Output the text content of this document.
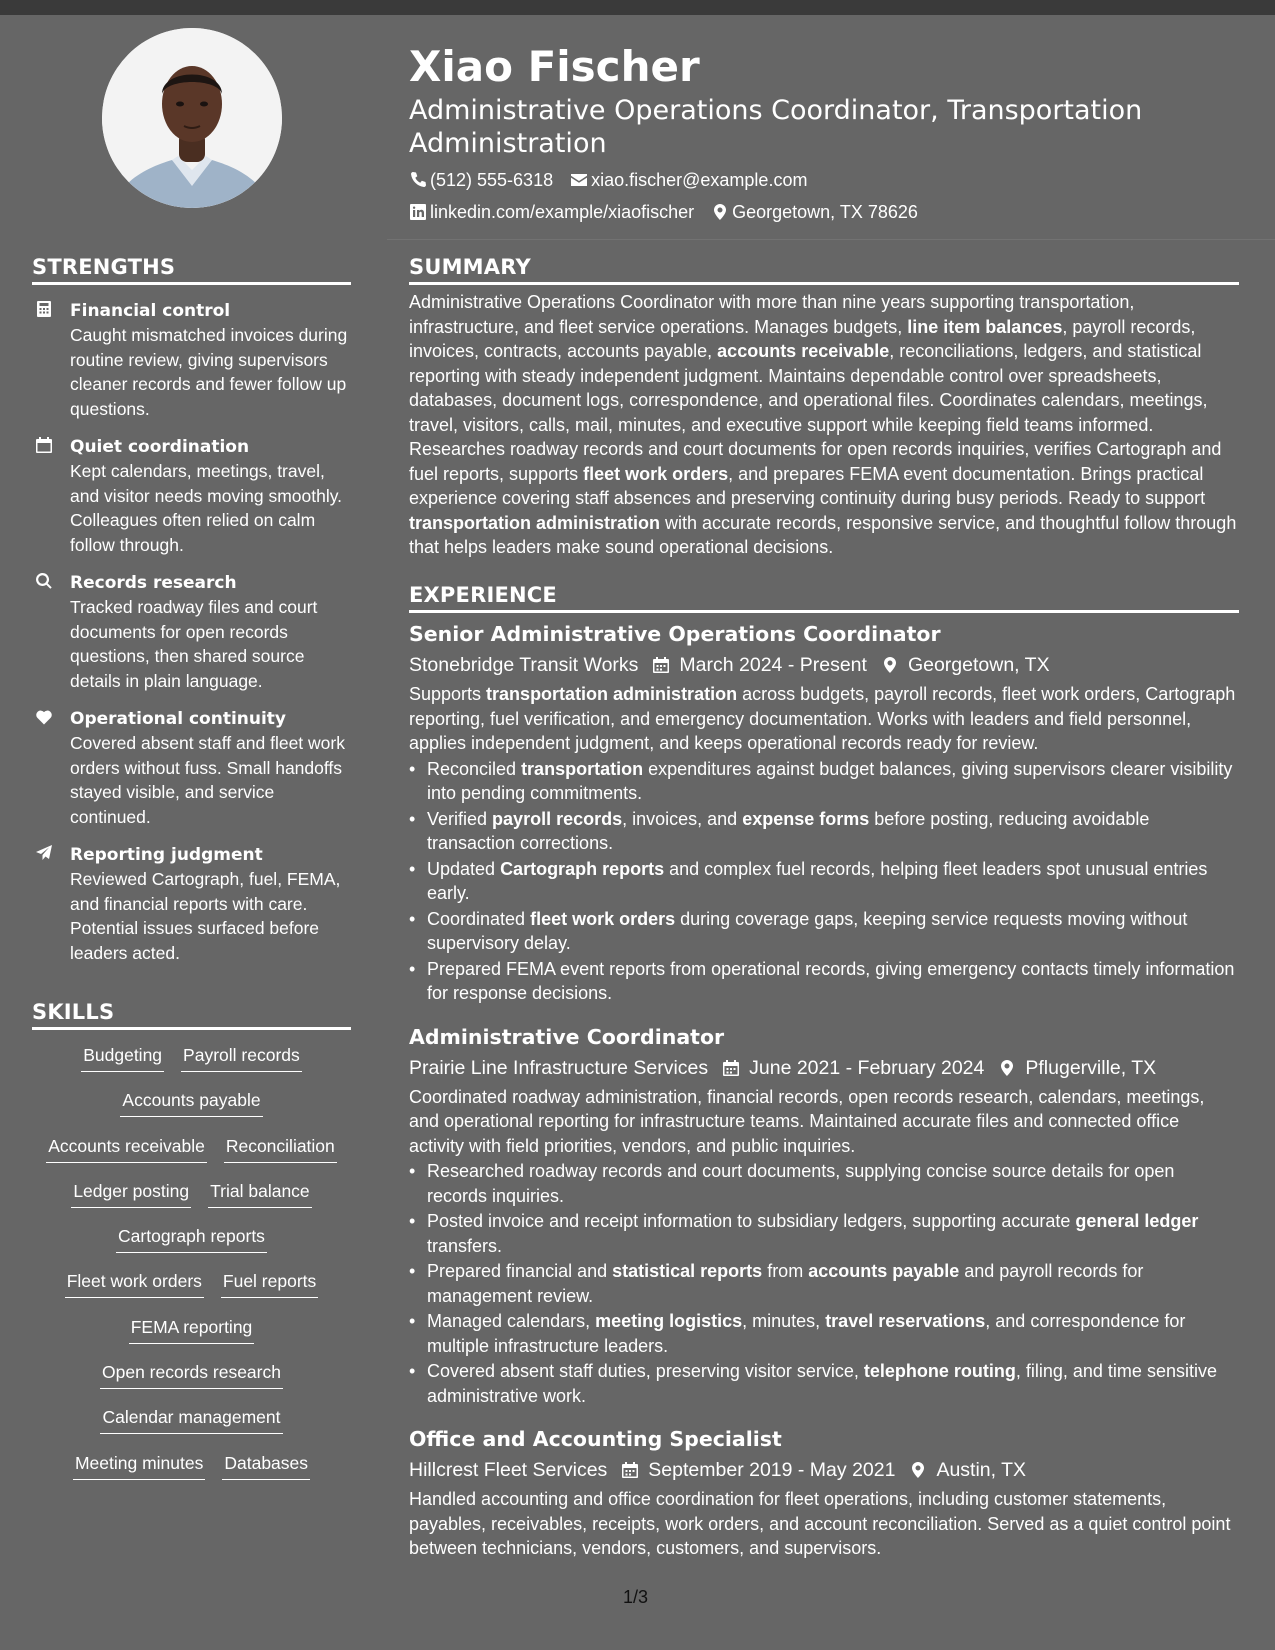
STRENGTHS
Financial control
Caught mismatched invoices during routine review, giving supervisors cleaner records and fewer follow up questions.
Quiet coordination
Kept calendars, meetings, travel, and visitor needs moving smoothly. Colleagues often relied on calm follow through.
Records research
Tracked roadway files and court documents for open records questions, then shared source details in plain language.
Operational continuity
Covered absent staff and fleet work orders without fuss. Small handoffs stayed visible, and service continued.
Reporting judgment
Reviewed Cartograph, fuel, FEMA, and financial reports with care. Potential issues surfaced before leaders acted.
SKILLS
Budgeting Payroll records
Accounts payable
Accounts receivable Reconciliation
Ledger posting Trial balance
Cartograph reports
Fleet work orders Fuel reports
FEMA reporting
Open records research
Calendar management
Meeting minutes Databases
Xiao Fischer
Administrative Operations Coordinator, Transportation Administration
(512) 555-6318 xiao.fischer@example.com
linkedin.com/example/xiaofischer Georgetown, TX 78626
SUMMARY

Administrative Operations Coordinator with more than nine years supporting transportation, infrastructure, and fleet service operations. Manages budgets, line item balances, payroll records, invoices, contracts, accounts payable, accounts receivable, reconciliations, ledgers, and statistical reporting with steady independent judgment. Maintains dependable control over spreadsheets, databases, document logs, correspondence, and operational files. Coordinates calendars, meetings, travel, visitors, calls, mail, minutes, and executive support while keeping field teams informed. Researches roadway records and court documents for open records inquiries, verifies Cartograph and fuel reports, supports fleet work orders, and prepares FEMA event documentation. Brings practical experience covering staff absences and preserving continuity during busy periods. Ready to support transportation administration with accurate records, responsive service, and thoughtful follow through that helps leaders make sound operational decisions.

EXPERIENCE
Senior Administrative Operations Coordinator
Stonebridge Transit Works March 2024 - Present Georgetown, TX
Supports transportation administration across budgets, payroll records, fleet work orders, Cartograph reporting, fuel verification, and emergency documentation. Works with leaders and field personnel, applies independent judgment, and keeps operational records ready for review.
• Reconciled transportation expenditures against budget balances, giving supervisors clearer visibility into pending commitments.
• Verified payroll records, invoices, and expense forms before posting, reducing avoidable transaction corrections.
• Updated Cartograph reports and complex fuel records, helping fleet leaders spot unusual entries early.
• Coordinated fleet work orders during coverage gaps, keeping service requests moving without supervisory delay.
• Prepared FEMA event reports from operational records, giving emergency contacts timely information for response decisions.
Administrative Coordinator
Prairie Line Infrastructure Services June 2021 - February 2024 Pflugerville, TX
Coordinated roadway administration, financial records, open records research, calendars, meetings, and operational reporting for infrastructure teams. Maintained accurate files and connected office activity with field priorities, vendors, and public inquiries.
• Researched roadway records and court documents, supplying concise source details for open records inquiries.
• Posted invoice and receipt information to subsidiary ledgers, supporting accurate general ledger transfers.
• Prepared financial and statistical reports from accounts payable and payroll records for management review.
• Managed calendars, meeting logistics, minutes, travel reservations, and correspondence for multiple infrastructure leaders.
• Covered absent staff duties, preserving visitor service, telephone routing, filing, and time sensitive administrative work.
Office and Accounting Specialist
Hillcrest Fleet Services September 2019 - May 2021 Austin, TX
Handled accounting and office coordination for fleet operations, including customer statements, payables, receivables, receipts, work orders, and account reconciliation. Served as a quiet control point between technicians, vendors, customers, and supervisors.
1/3
